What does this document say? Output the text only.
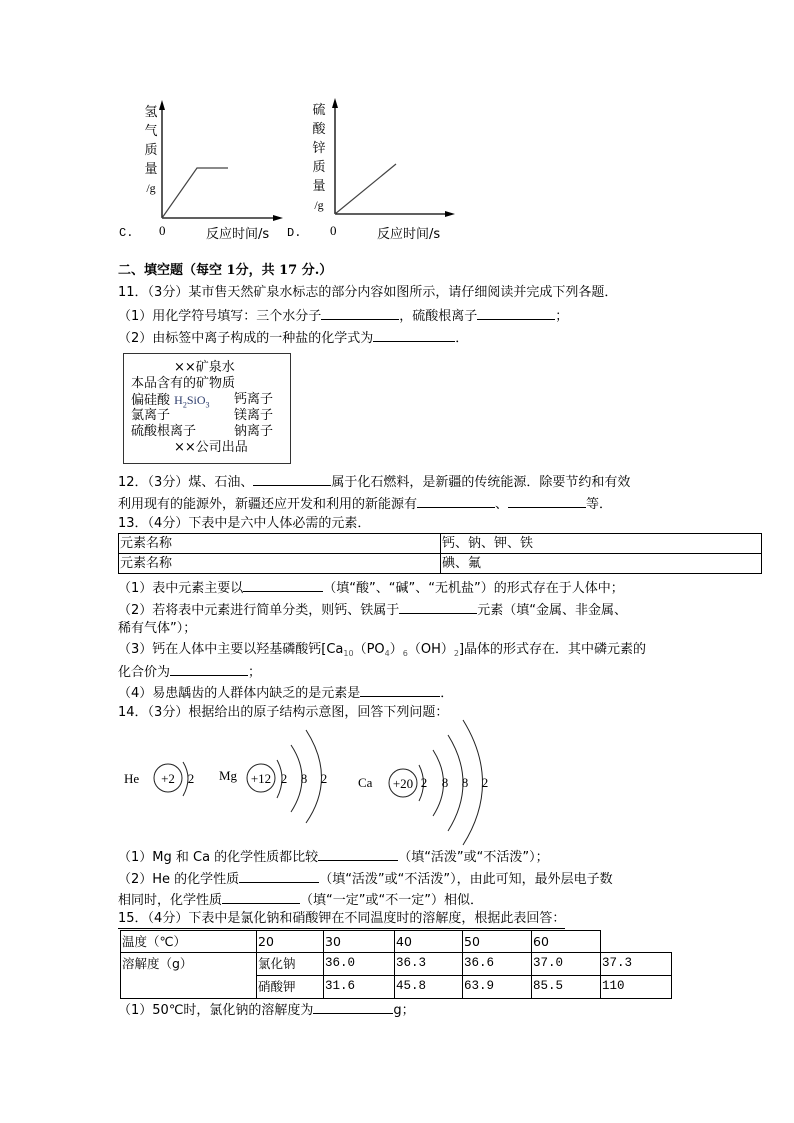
氢
气
质
量
/g
C. 0	反应时间/s
硫
酸
锌
质
量
/g
D. 0	反应时间/s
二、填空题（每空 1分，共 17 分.）
11．（3分）某市售天然矿泉水标志的部分内容如图所示，请仔细阅读并完成下列各题．
（1）用化学符号填写：三个水分子	，硫酸根离子	；
（2）由标签中离子构成的一种盐的化学式为	．
××矿泉水
本品含有的矿物质
偏硅酸 $H_2SiO_3$ 钙离子
氯离子	镁离子
硫酸根离子	钠离子
××公司出品
12．（3分）煤、石油、	属于化石燃料，是新疆的传统能源．除要节约和有效
利用现有的能源外，新疆还应开发和利用的新能源有	、	等．
13．（4分）下表中是六中人体必需的元素．
元素名称	钙、钠、钾、铁
元素名称	碘、氟
（1）表中元素主要以	（填“酸”、“碱”、“无机盐”）的形式存在于人体中；
（2）若将表中元素进行简单分类，则钙、铁属于	元素（填“金属、非金属、
稀有气体”）；
（3）钙在人体中主要以羟基磷酸钙$[Ca_{10}(PO_4)_6(OH)_2]$晶体的形式存在．其中磷元素的
化合价为	；
（4）易患龋齿的人群体内缺乏的是元素是	．
14．（3分）根据给出的原子结构示意图，回答下列问题：
He +2 2 Mg +12 2 8 2 Ca +20 2 8 8 2
（1）Mg 和 Ca 的化学性质都比较	（填“活泼”或“不活泼”）；
（2）He 的化学性质	（填“活泼”或“不活泼”），由此可知，最外层电子数
相同时，化学性质	（填“一定”或“不一定”）相似．
15．（4分）下表中是氯化钠和硝酸钾在不同温度时的溶解度，根据此表回答：
温度（℃）	20	30	40	50	60
溶解度（g）	氯化钠	36.0	36.3	36.6	37.0	37.3
硝酸钾	31.6	45.8	63.9	85.5	110
（1）50℃时，氯化钠的溶解度为	g；
